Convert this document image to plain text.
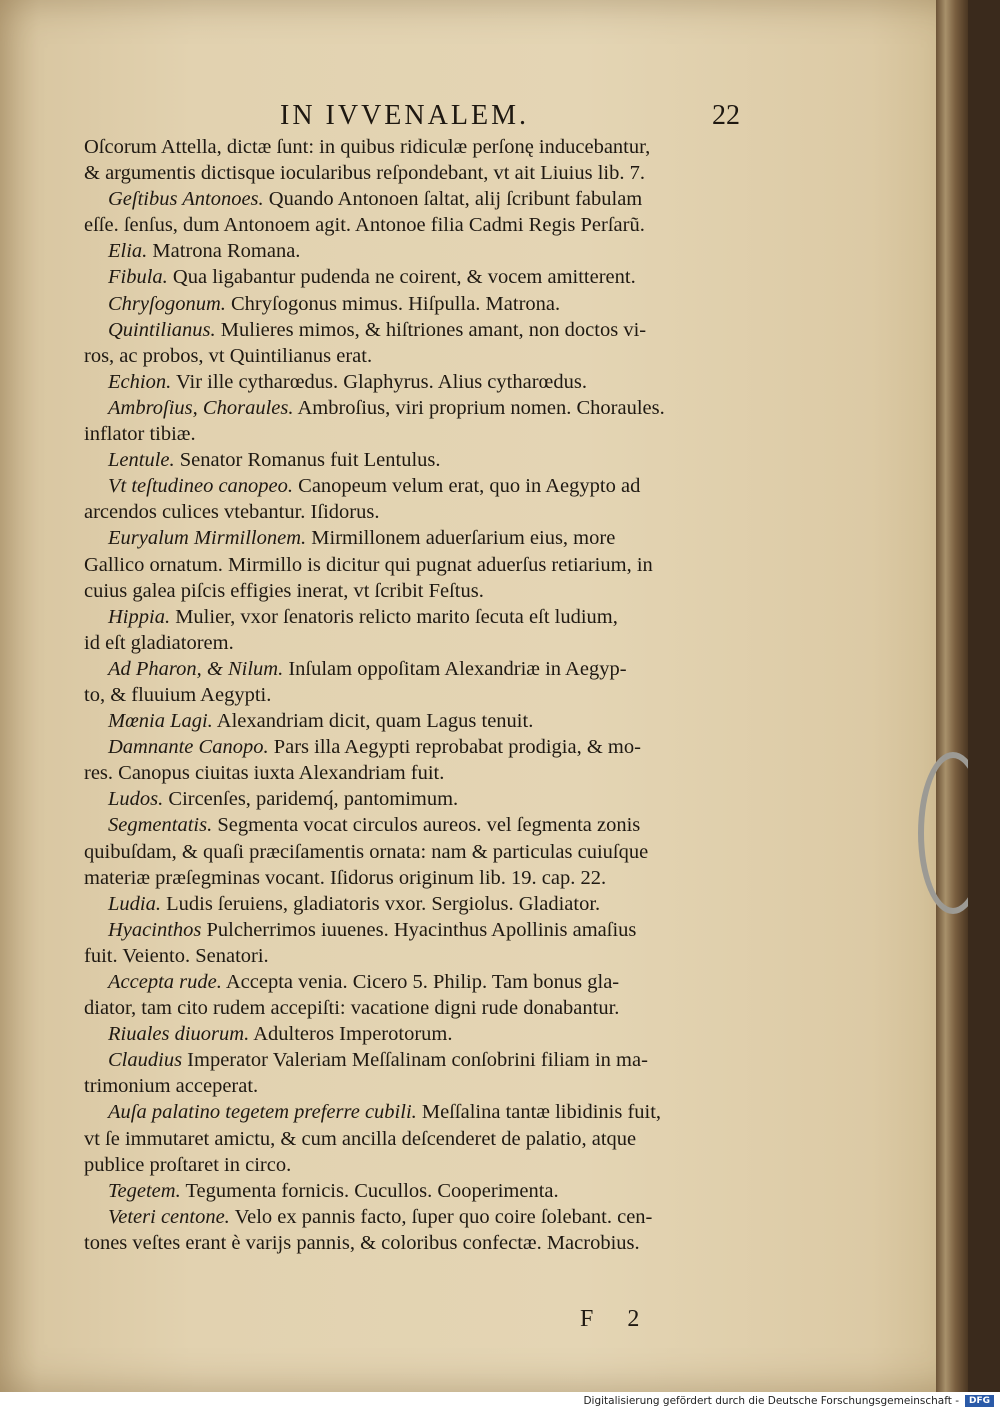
IN IVVENALEM.	22
Oſcorum Attella, dictæ ſunt: in quibus ridiculæ perſonę inducebantur,
& argumentis dictisque iocularibus reſpondebant, vt ait Liuius lib. 7.
Geſtibus Antonoes. Quando Antonoen ſaltat, alij ſcribunt fabulam
eſſe. ſenſus, dum Antonoem agit. Antonoe filia Cadmi Regis Perſarũ.
Elia. Matrona Romana.
Fibula. Qua ligabantur pudenda ne coirent, & vocem amitterent.
Chryſogonum. Chryſogonus mimus. Hiſpulla. Matrona.
Quintilianus. Mulieres mimos, & hiſtriones amant, non doctos vi-
ros, ac probos, vt Quintilianus erat.
Echion. Vir ille cytharœdus. Glaphyrus. Alius cytharœdus.
Ambroſius, Choraules. Ambroſius, viri proprium nomen. Choraules.
inflator tibiæ.
Lentule. Senator Romanus fuit Lentulus.
Vt teſtudineo canopeo. Canopeum velum erat, quo in Aegypto ad
arcendos culices vtebantur. Iſidorus.
Euryalum Mirmillonem. Mirmillonem aduerſarium eius, more
Gallico ornatum. Mirmillo is dicitur qui pugnat aduerſus retiarium, in
cuius galea piſcis effigies inerat, vt ſcribit Feſtus.
Hippia. Mulier, vxor ſenatoris relicto marito ſecuta eſt ludium,
id eſt gladiatorem.
Ad Pharon, & Nilum. Inſulam oppoſitam Alexandriæ in Aegyp-
to, & fluuium Aegypti.
Mœnia Lagi. Alexandriam dicit, quam Lagus tenuit.
Damnante Canopo. Pars illa Aegypti reprobabat prodigia, & mo-
res. Canopus ciuitas iuxta Alexandriam fuit.
Ludos. Circenſes, paridemq́, pantomimum.
Segmentatis. Segmenta vocat circulos aureos. vel ſegmenta zonis
quibuſdam, & quaſi præciſamentis ornata: nam & particulas cuiuſque
materiæ præſegminas vocant. Iſidorus originum lib. 19. cap. 22.
Ludia. Ludis ſeruiens, gladiatoris vxor. Sergiolus. Gladiator.
Hyacinthos Pulcherrimos iuuenes. Hyacinthus Apollinis amaſius
fuit. Veiento. Senatori.
Accepta rude. Accepta venia. Cicero 5. Philip. Tam bonus gla-
diator, tam cito rudem accepiſti: vacatione digni rude donabantur.
Riuales diuorum. Adulteros Imperotorum.
Claudius Imperator Valeriam Meſſalinam conſobrini filiam in ma-
trimonium acceperat.
Auſa palatino tegetem preferre cubili. Meſſalina tantæ libidinis fuit,
vt ſe immutaret amictu, & cum ancilla deſcenderet de palatio, atque
publice proſtaret in circo.
Tegetem. Tegumenta fornicis. Cucullos. Cooperimenta.
Veteri centone. Velo ex pannis facto, ſuper quo coire ſolebant. cen-
tones veſtes erant è varijs pannis, & coloribus confectæ. Macrobius.
F 2
Digitalisierung gefördert durch die Deutsche Forschungsgemeinschaft -	DFG
